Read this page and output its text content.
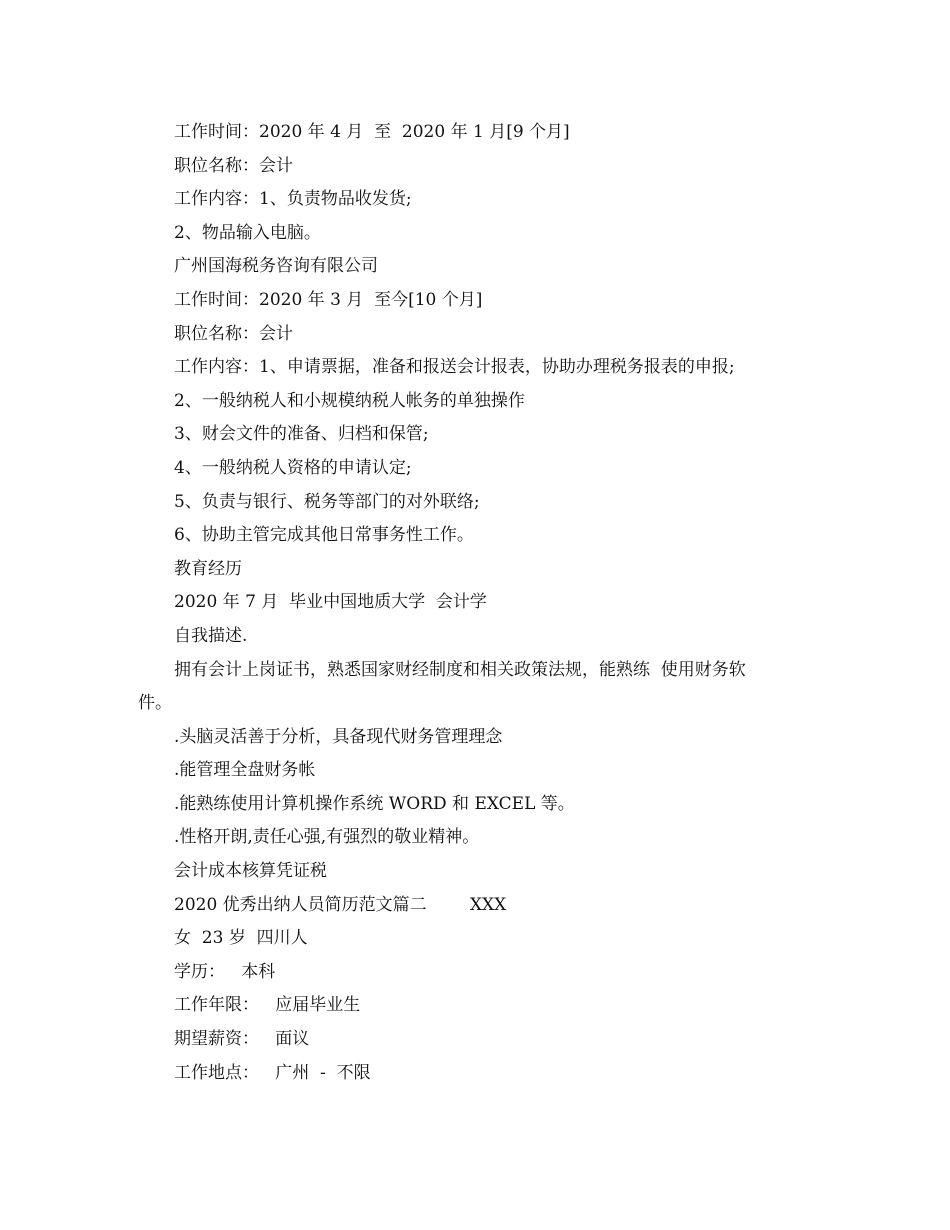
工作时间：2020 年 4 月  至  2020 年 1 月[9 个月]
职位名称：会计
工作内容：1、负责物品收发货;
2、物品输入电脑。
广州国海税务咨询有限公司
工作时间：2020 年 3 月  至今[10 个月]
职位名称：会计
工作内容：1、申请票据，准备和报送会计报表，协助办理税务报表的申报;
2、一般纳税人和小规模纳税人帐务的单独操作
3、财会文件的准备、归档和保管;
4、一般纳税人资格的申请认定;
5、负责与银行、税务等部门的对外联络;
6、协助主管完成其他日常事务性工作。
教育经历
2020 年 7 月  毕业中国地质大学  会计学
自我描述.
拥有会计上岗证书，熟悉国家财经制度和相关政策法规，能熟练  使用财务软
件。
.头脑灵活善于分析，具备现代财务管理理念
.能管理全盘财务帐
.能熟练使用计算机操作系统 WORD 和 EXCEL 等。
.性格开朗,责任心强,有强烈的敬业精神。
会计成本核算凭证税
2020 优秀出纳人员简历范文篇二        XXX
女  23 岁  四川人
学历：   本科
工作年限：   应届毕业生
期望薪资：   面议
工作地点：   广州  -  不限
